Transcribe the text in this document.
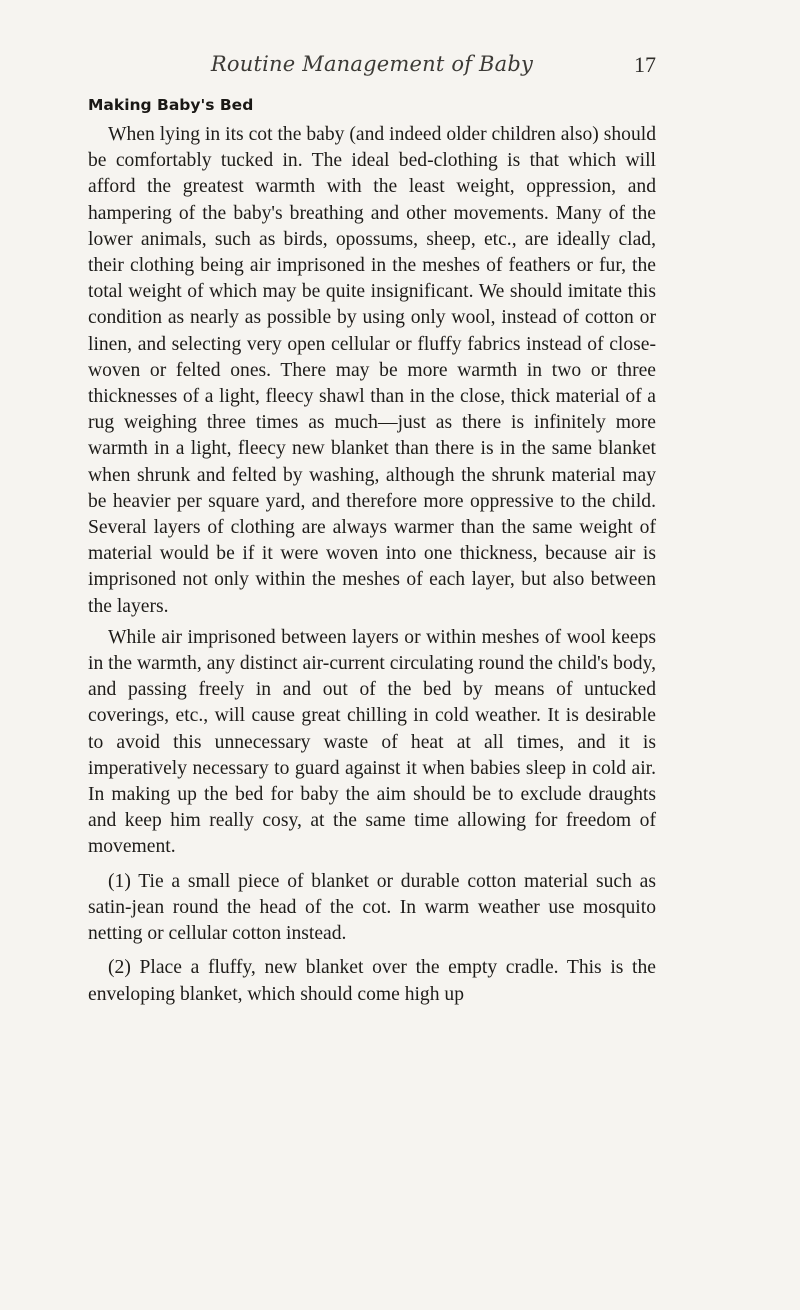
Routine Management of Baby	17
Making Baby's Bed

When lying in its cot the baby (and indeed older children also) should be comfortably tucked in. The ideal bed-clothing is that which will afford the greatest warmth with the least weight, oppression, and hampering of the baby's breathing and other movements. Many of the lower animals, such as birds, opossums, sheep, etc., are ideally clad, their clothing being air imprisoned in the meshes of feathers or fur, the total weight of which may be quite insignificant. We should imitate this condition as nearly as possible by using only wool, instead of cotton or linen, and selecting very open cellular or fluffy fabrics instead of close-woven or felted ones. There may be more warmth in two or three thicknesses of a light, fleecy shawl than in the close, thick material of a rug weighing three times as much—just as there is infinitely more warmth in a light, fleecy new blanket than there is in the same blanket when shrunk and felted by washing, although the shrunk material may be heavier per square yard, and therefore more oppressive to the child. Several layers of clothing are always warmer than the same weight of material would be if it were woven into one thickness, because air is imprisoned not only within the meshes of each layer, but also between the layers.

While air imprisoned between layers or within meshes of wool keeps in the warmth, any distinct air-current circulating round the child's body, and passing freely in and out of the bed by means of untucked coverings, etc., will cause great chilling in cold weather. It is desirable to avoid this unnecessary waste of heat at all times, and it is imperatively necessary to guard against it when babies sleep in cold air. In making up the bed for baby the aim should be to exclude draughts and keep him really cosy, at the same time allowing for freedom of movement.

(1) Tie a small piece of blanket or durable cotton material such as satin-jean round the head of the cot. In warm weather use mosquito netting or cellular cotton instead.

(2) Place a fluffy, new blanket over the empty cradle. This is the enveloping blanket, which should come high up
